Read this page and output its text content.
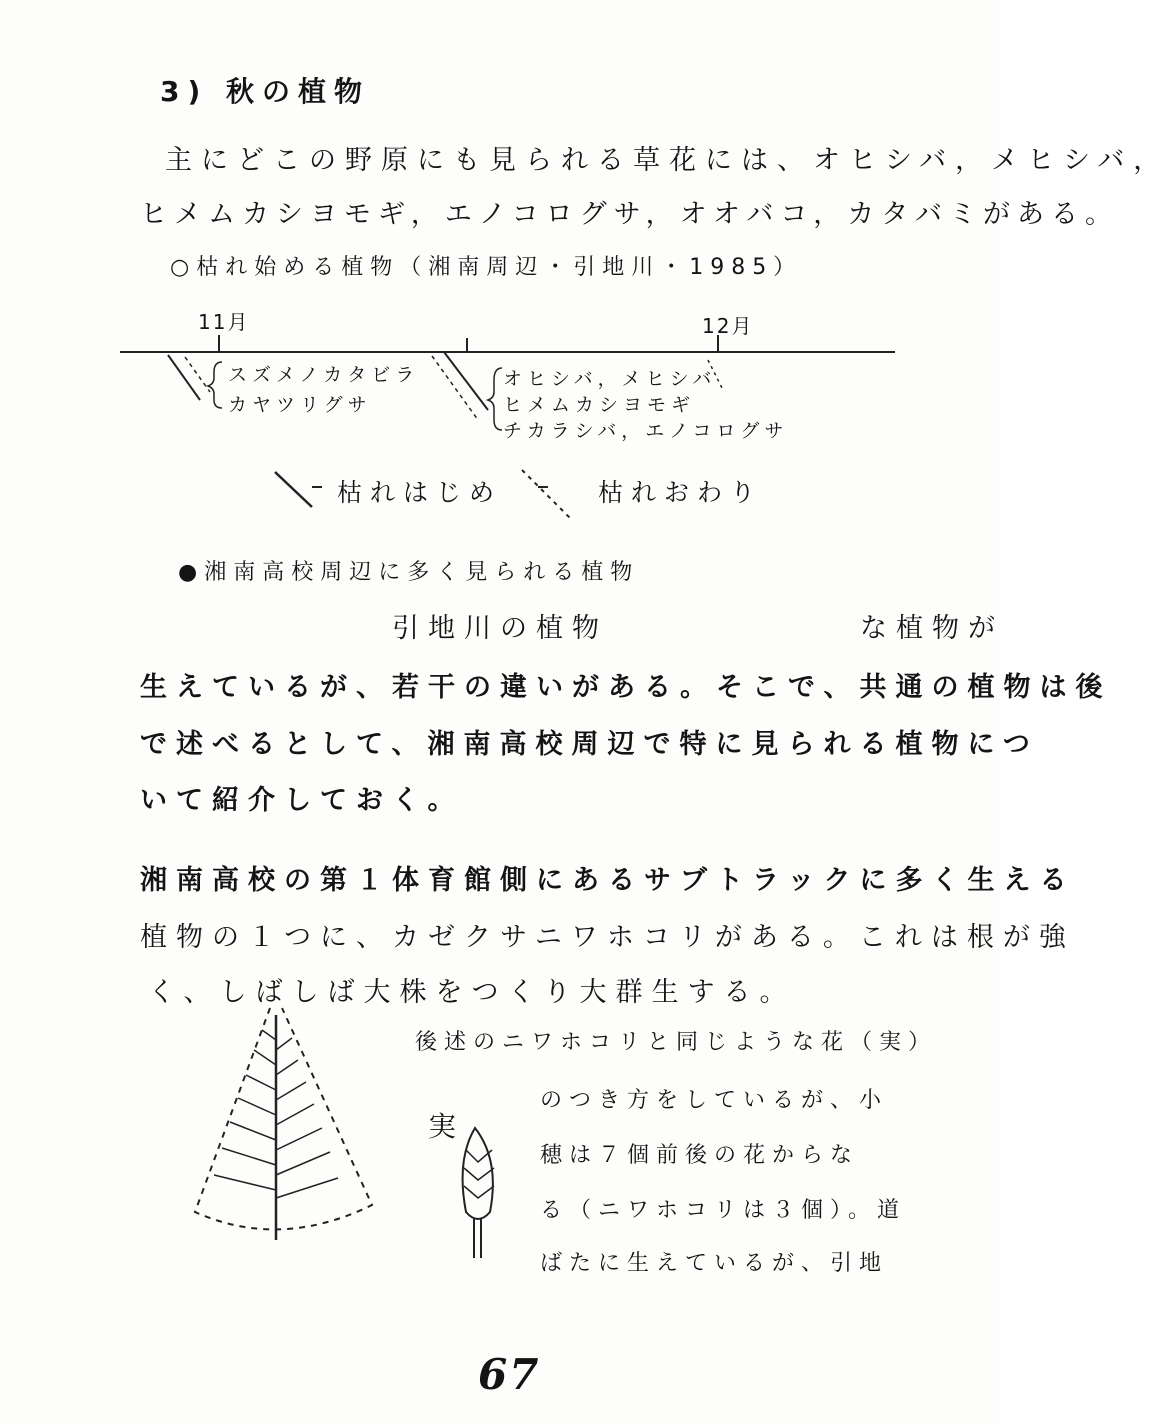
3) 秋の植物
主にどこの野原にも見られる草花には、オヒシバ，メヒシバ，
ヒメムカシヨモギ，エノコログサ，オオバコ，カタバミがある。
○枯れ始める植物（湘南周辺・引地川・1985）
11月	12月
スズメノカタビラ
カヤツリグサ
オヒシバ，メヒシバ
ヒメムカシヨモギ
チカラシバ，エノコログサ
枯れはじめ	枯れおわり
●湘南高校周辺に多く見られる植物
　　　　　　　引地川の植物　　　　　　　な植物が
生えているが、若干の違いがある。そこで、共通の植物は後
で述べるとして、湘南高校周辺で特に見られる植物につ
いて紹介しておく。
湘南高校の第１体育館側にあるサブトラックに多く生える
植物の１つに、カゼクサニワホコリがある。これは根が強
く、しばしば大株をつくり大群生する。
実
後述のニワホコリと同じような花（実）
のつき方をしているが、小
穂は７個前後の花からな
る（ニワホコリは３個）。道
ばたに生えているが、引地
67
